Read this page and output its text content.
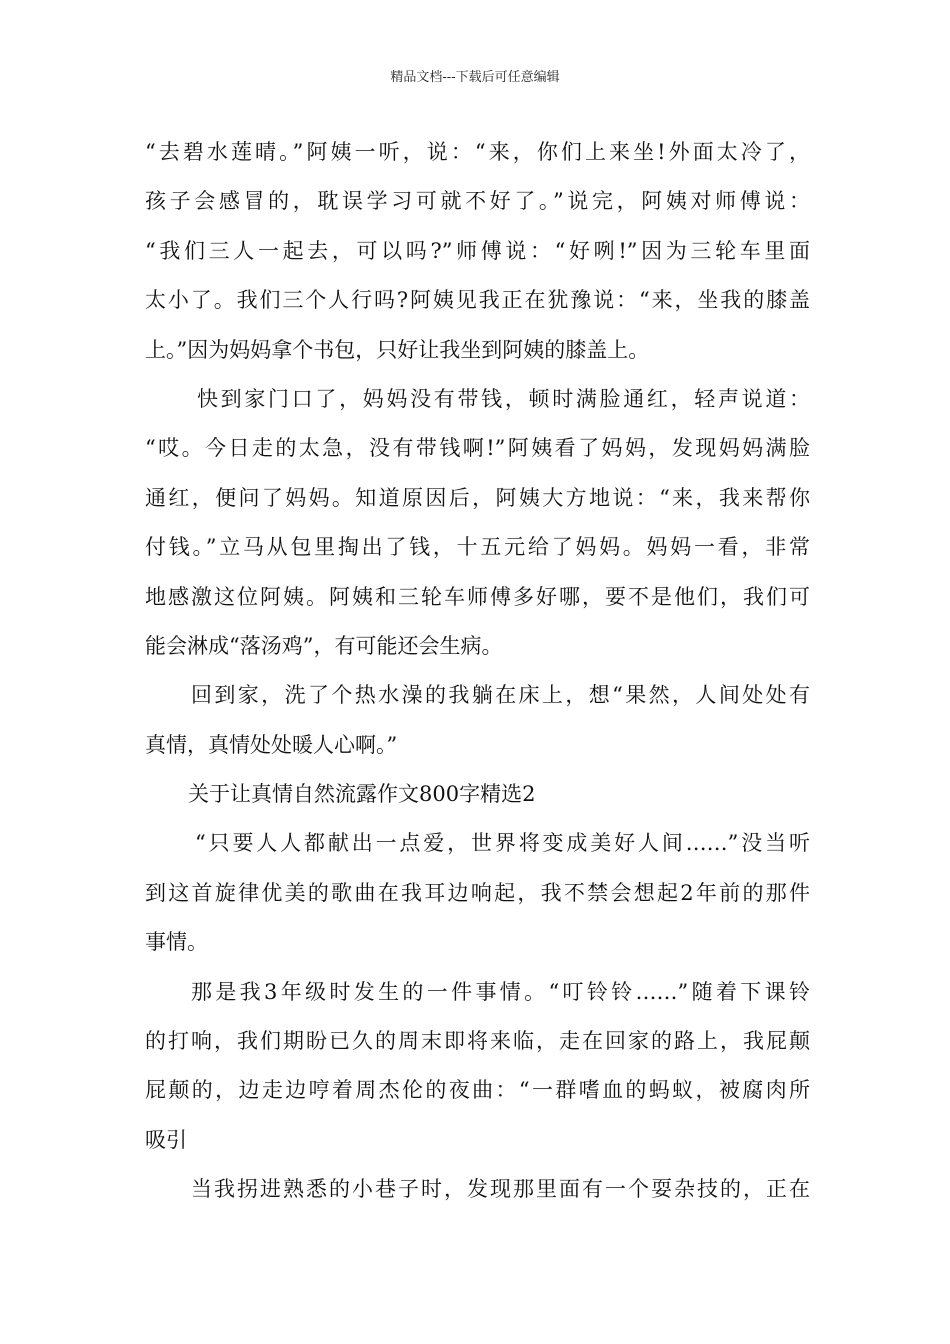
精品文档---下载后可任意编辑
“去碧水莲晴。”阿姨一听，说：“来，你们上来坐!外面太冷了，
孩子会感冒的，耽误学习可就不好了。”说完，阿姨对师傅说：
“我们三人一起去，可以吗?”师傅说：“好咧!”因为三轮车里面
太小了。我们三个人行吗?阿姨见我正在犹豫说：“来，坐我的膝盖
上。”因为妈妈拿个书包，只好让我坐到阿姨的膝盖上。
快到家门口了，妈妈没有带钱，顿时满脸通红，轻声说道：
“哎。今日走的太急，没有带钱啊!”阿姨看了妈妈，发现妈妈满脸
通红，便问了妈妈。知道原因后，阿姨大方地说：“来，我来帮你
付钱。”立马从包里掏出了钱，十五元给了妈妈。妈妈一看，非常
地感激这位阿姨。阿姨和三轮车师傅多好哪，要不是他们，我们可
能会淋成“落汤鸡”，有可能还会生病。
回到家，洗了个热水澡的我躺在床上，想“果然，人间处处有
真情，真情处处暖人心啊。”
关于让真情自然流露作文800字精选2
“只要人人都献出一点爱，世界将变成美好人间……”没当听
到这首旋律优美的歌曲在我耳边响起，我不禁会想起2年前的那件
事情。
那是我3年级时发生的一件事情。“叮铃铃……”随着下课铃
的打响，我们期盼已久的周末即将来临，走在回家的路上，我屁颠
屁颠的，边走边哼着周杰伦的夜曲：“一群嗜血的蚂蚁，被腐肉所
吸引
当我拐进熟悉的小巷子时，发现那里面有一个耍杂技的，正在
